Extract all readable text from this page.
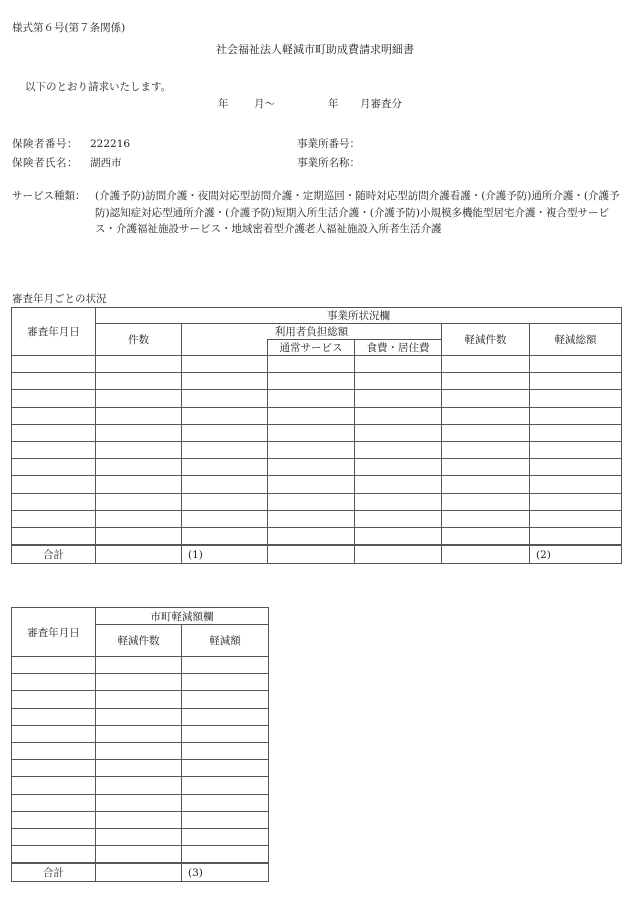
様式第６号(第７条関係)
社会福祉法人軽減市町助成費請求明細書
以下のとおり請求いたします。
年 月〜	年 月審査分
保険者番号： 222216
保険者氏名： 湖西市
事業所番号：
事業所名称：
サービス種類： (介護予防)訪問介護・夜間対応型訪問介護・定期巡回・随時対応型訪問介護看護・(介護予防)通所介護・(介護予防)認知症対応型通所介護・(介護予防)短期入所生活介護・(介護予防)小規模多機能型居宅介護・複合型サービス・介護福祉施設サービス・地域密着型介護老人福祉施設入所者生活介護
審査年月ごとの状況
審査年月日	事業所状況欄					
	件数	利用者負担総額			軽減件数	軽減総額
			通常サービス	食費・居住費		

合計		(1)				(2)
審査年月日	市町軽減額欄	
	軽減件数	軽減額

合計		(3)
